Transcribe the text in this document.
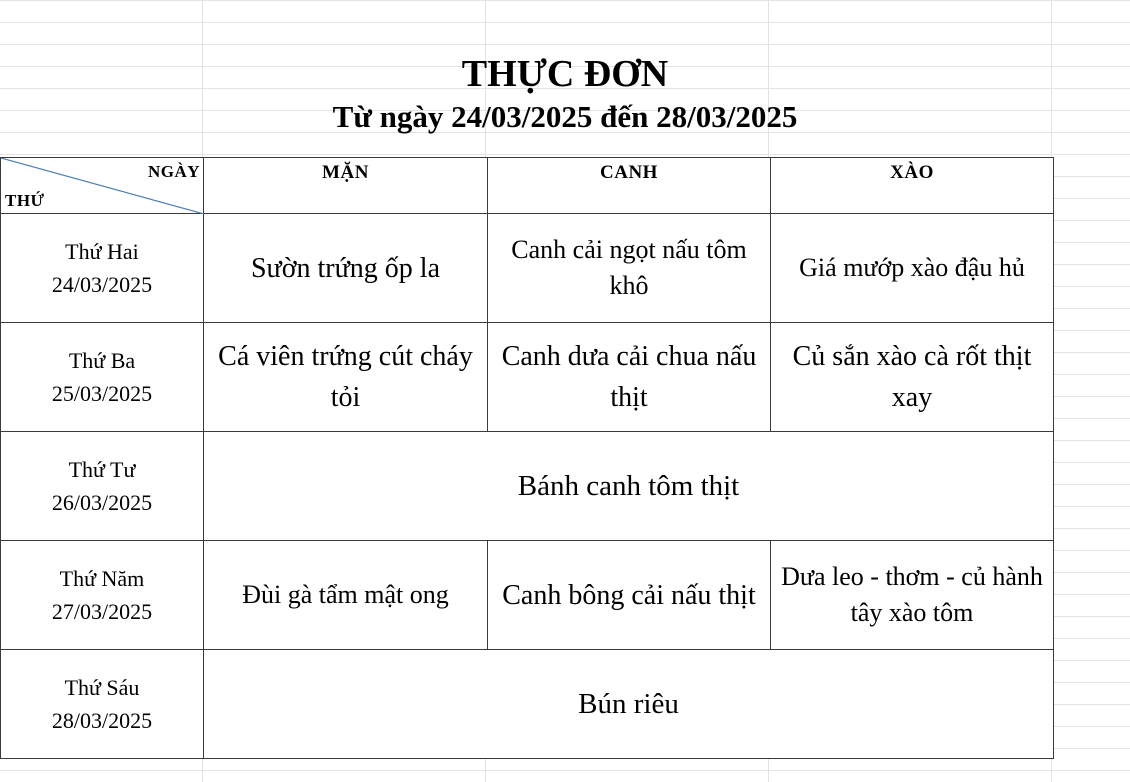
THỰC ĐƠN
Từ ngày 24/03/2025 đến 28/03/2025
NGÀY
THỨ	MẶN	CANH	XÀO

Thứ Hai
24/03/2025	Sườn trứng ốp la	Canh cải ngọt nấu tôm khô	Giá mướp xào đậu hủ

Thứ Ba
25/03/2025	Cá viên trứng cút cháy tỏi	Canh dưa cải chua nấu thịt	Củ sắn xào cà rốt thịt xay

Thứ Tư
26/03/2025	Bánh canh tôm thịt		

Thứ Năm
27/03/2025	Đùi gà tẩm mật ong	Canh bông cải nấu thịt	Dưa leo - thơm - củ hành tây xào tôm

Thứ Sáu
28/03/2025	Bún riêu		
